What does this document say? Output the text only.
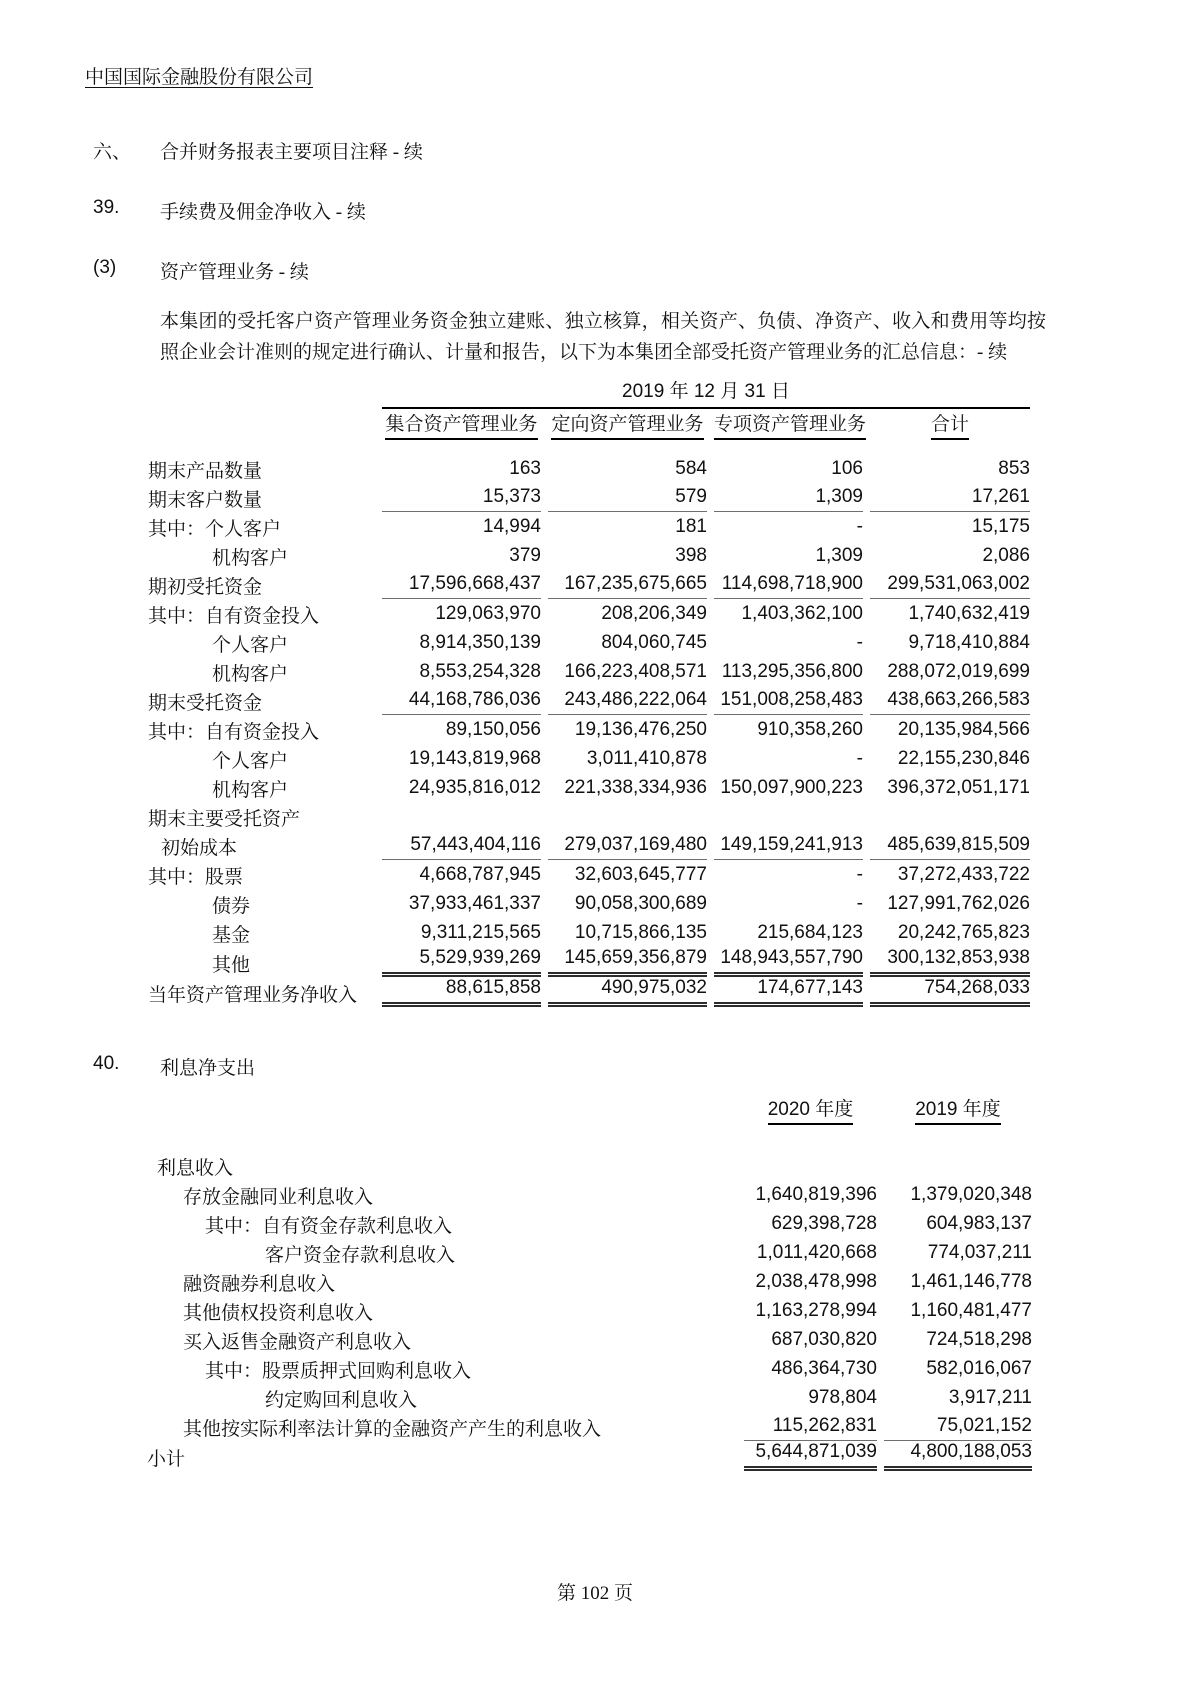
中国国际金融股份有限公司
六、	合并财务报表主要项目注释 - 续
39.	手续费及佣金净收入 - 续
(3)	资产管理业务 - 续
本集团的受托客户资产管理业务资金独立建账、独立核算，相关资产、负债、净资产、收入和费用等均按照企业会计准则的规定进行确认、计量和报告，以下为本集团全部受托资产管理业务的汇总信息：- 续

	2019 年 12 月 31 日			

	集合资产管理业务	定向资产管理业务	专项资产管理业务	合计
期末产品数量	163	584	106	853

期末客户数量	15,373	579	1,309	17,261

其中：个人客户	14,994	181	-	15,175

机构客户	379	398	1,309	2,086

期初受托资金	17,596,668,437	167,235,675,665	114,698,718,900	299,531,063,002

其中：自有资金投入	129,063,970	208,206,349	1,403,362,100	1,740,632,419

个人客户	8,914,350,139	804,060,745	-	9,718,410,884

机构客户	8,553,254,328	166,223,408,571	113,295,356,800	288,072,019,699

期末受托资金	44,168,786,036	243,486,222,064	151,008,258,483	438,663,266,583

其中：自有资金投入	89,150,056	19,136,476,250	910,358,260	20,135,984,566

个人客户	19,143,819,968	3,011,410,878	-	22,155,230,846

机构客户	24,935,816,012	221,338,334,936	150,097,900,223	396,372,051,171

期末主要受托资产	

初始成本	57,443,404,116	279,037,169,480	149,159,241,913	485,639,815,509

其中：股票	4,668,787,945	32,603,645,777	-	37,272,433,722

债券	37,933,461,337	90,058,300,689	-	127,991,762,026

基金	9,311,215,565	10,715,866,135	215,684,123	20,242,765,823

其他	5,529,939,269	145,659,356,879	148,943,557,790	300,132,853,938

当年资产管理业务净收入	88,615,858	490,975,032	174,677,143	754,268,033
40.	利息净支出
	2020 年度	2019 年度
利息收入	

存放金融同业利息收入	1,640,819,396	1,379,020,348

其中：自有资金存款利息收入	629,398,728	604,983,137

客户资金存款利息收入	1,011,420,668	774,037,211

融资融券利息收入	2,038,478,998	1,461,146,778

其他债权投资利息收入	1,163,278,994	1,160,481,477

买入返售金融资产利息收入	687,030,820	724,518,298

其中：股票质押式回购利息收入	486,364,730	582,016,067

约定购回利息收入	978,804	3,917,211

其他按实际利率法计算的金融资产产生的利息收入	115,262,831	75,021,152

小计	5,644,871,039	4,800,188,053
第 102 页
